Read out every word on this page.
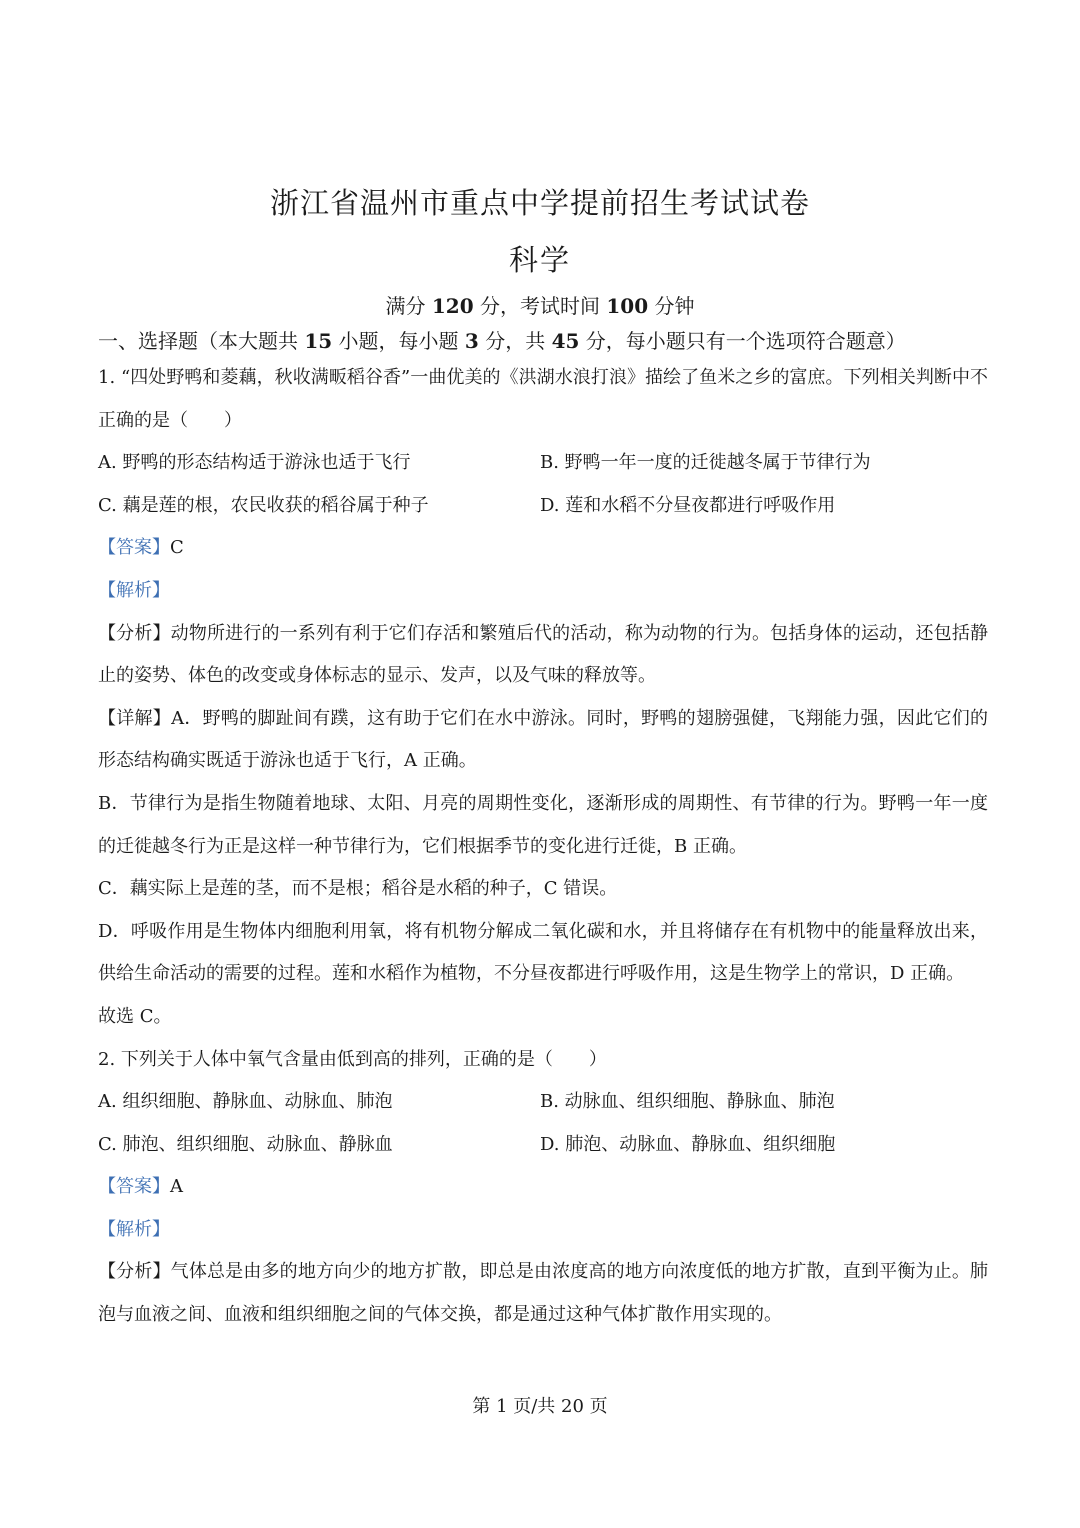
浙江省温州市重点中学提前招生考试试卷
科学
满分 120 分，考试时间 100 分钟
一、选择题（本大题共 15 小题，每小题 3 分，共 45 分，每小题只有一个选项符合题意）

1. “四处野鸭和菱藕，秋收满畈稻谷香”一曲优美的《洪湖水浪打浪》描绘了鱼米之乡的富庶。下列相关判断中不正确的是（　　）

A. 野鸭的形态结构适于游泳也适于飞行	B. 野鸭一年一度的迁徙越冬属于节律行为
C. 藕是莲的根，农民收获的稻谷属于种子	D. 莲和水稻不分昼夜都进行呼吸作用

【答案】C

【解析】

【分析】动物所进行的一系列有利于它们存活和繁殖后代的活动，称为动物的行为。包括身体的运动，还包括静止的姿势、体色的改变或身体标志的显示、发声，以及气味的释放等。

【详解】A．野鸭的脚趾间有蹼，这有助于它们在水中游泳。同时，野鸭的翅膀强健，飞翔能力强，因此它们的形态结构确实既适于游泳也适于飞行，A 正确。

B．节律行为是指生物随着地球、太阳、月亮的周期性变化，逐渐形成的周期性、有节律的行为。野鸭一年一度的迁徙越冬行为正是这样一种节律行为，它们根据季节的变化进行迁徙，B 正确。

C．藕实际上是莲的茎，而不是根；稻谷是水稻的种子，C 错误。

D．呼吸作用是生物体内细胞利用氧，将有机物分解成二氧化碳和水，并且将储存在有机物中的能量释放出来，供给生命活动的需要的过程。莲和水稻作为植物，不分昼夜都进行呼吸作用，这是生物学上的常识，D 正确。

故选 C。

2. 下列关于人体中氧气含量由低到高的排列，正确的是（　　）

A. 组织细胞、静脉血、动脉血、肺泡	B. 动脉血、组织细胞、静脉血、肺泡
C. 肺泡、组织细胞、动脉血、静脉血	D. 肺泡、动脉血、静脉血、组织细胞

【答案】A

【解析】

【分析】气体总是由多的地方向少的地方扩散，即总是由浓度高的地方向浓度低的地方扩散，直到平衡为止。肺泡与血液之间、血液和组织细胞之间的气体交换，都是通过这种气体扩散作用实现的。

第 1 页/共 20 页
